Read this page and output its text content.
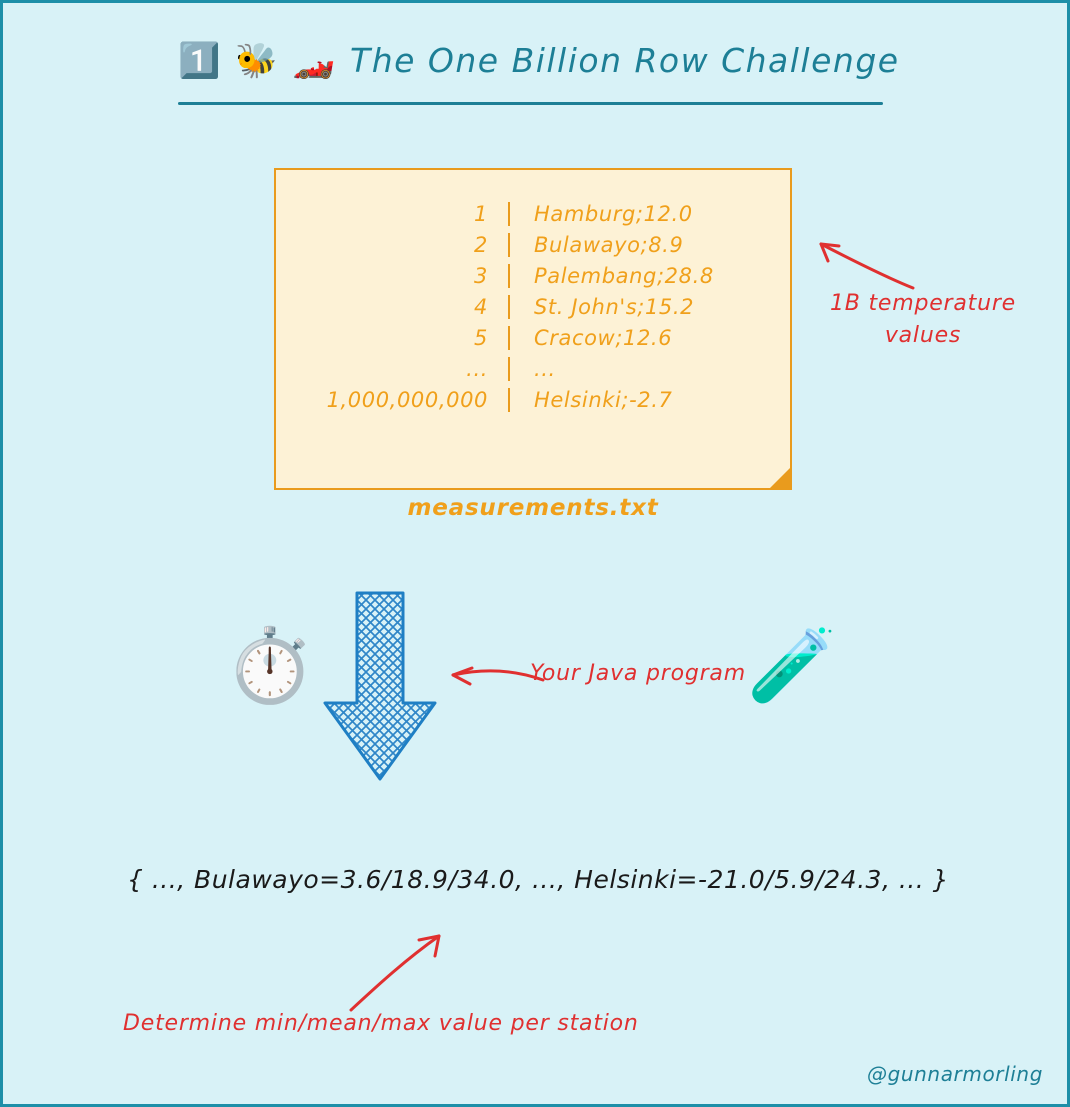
1️⃣ 🐝 🏎️ The One Billion Row Challenge
1	Hamburg;12.0
2	Bulawayo;8.9
3	Palembang;28.8
4	St. John's;15.2
5	Cracow;12.6
...	...
1,000,000,000	Helsinki;-2.7
measurements.txt
1B temperature values
⏱️	🧪
Your Java program
{ ..., Bulawayo=3.6/18.9/34.0, ..., Helsinki=-21.0/5.9/24.3, ... }
Determine min/mean/max value per station
@gunnarmorling
